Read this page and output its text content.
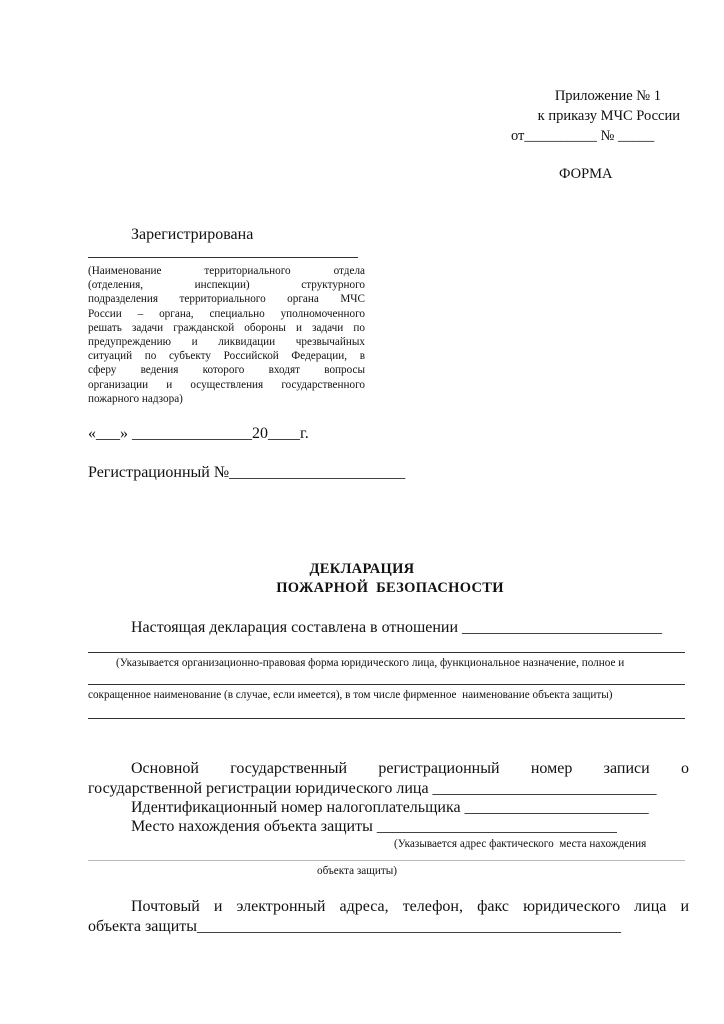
Приложение № 1
к приказу МЧС России
от__________ № _____
ФОРМА
Зарегистрирована
(Наименование территориального отдела
(отделения, инспекции) структурного
подразделения территориального органа МЧС
России – органа, специально уполномоченного
решать задачи гражданской обороны и задачи по
предупреждению и ликвидации чрезвычайных
ситуаций по субъекту Российской Федерации, в
сферу ведения которого входят вопросы
организации и осуществления государственного
пожарного надзора)
«___» _______________20____г.
Регистрационный №______________________
ДЕКЛАРАЦИЯ
ПОЖАРНОЙ  БЕЗОПАСНОСТИ
Настоящая декларация составлена в отношении _________________________
(Указывается организационно-правовая форма юридического лица, функциональное назначение, полное и
сокращенное наименование (в случае, если имеется), в том числе фирменное  наименование объекта защиты)
Основной государственный регистрационный номер записи о
государственной регистрации юридического лица ____________________________
Идентификационный номер налогоплательщика _______________________
Место нахождения объекта защиты ______________________________
(Указывается адрес фактического  места нахождения
объекта защиты)
Почтовый и электронный адреса, телефон, факс юридического лица и
объекта защиты_____________________________________________________
